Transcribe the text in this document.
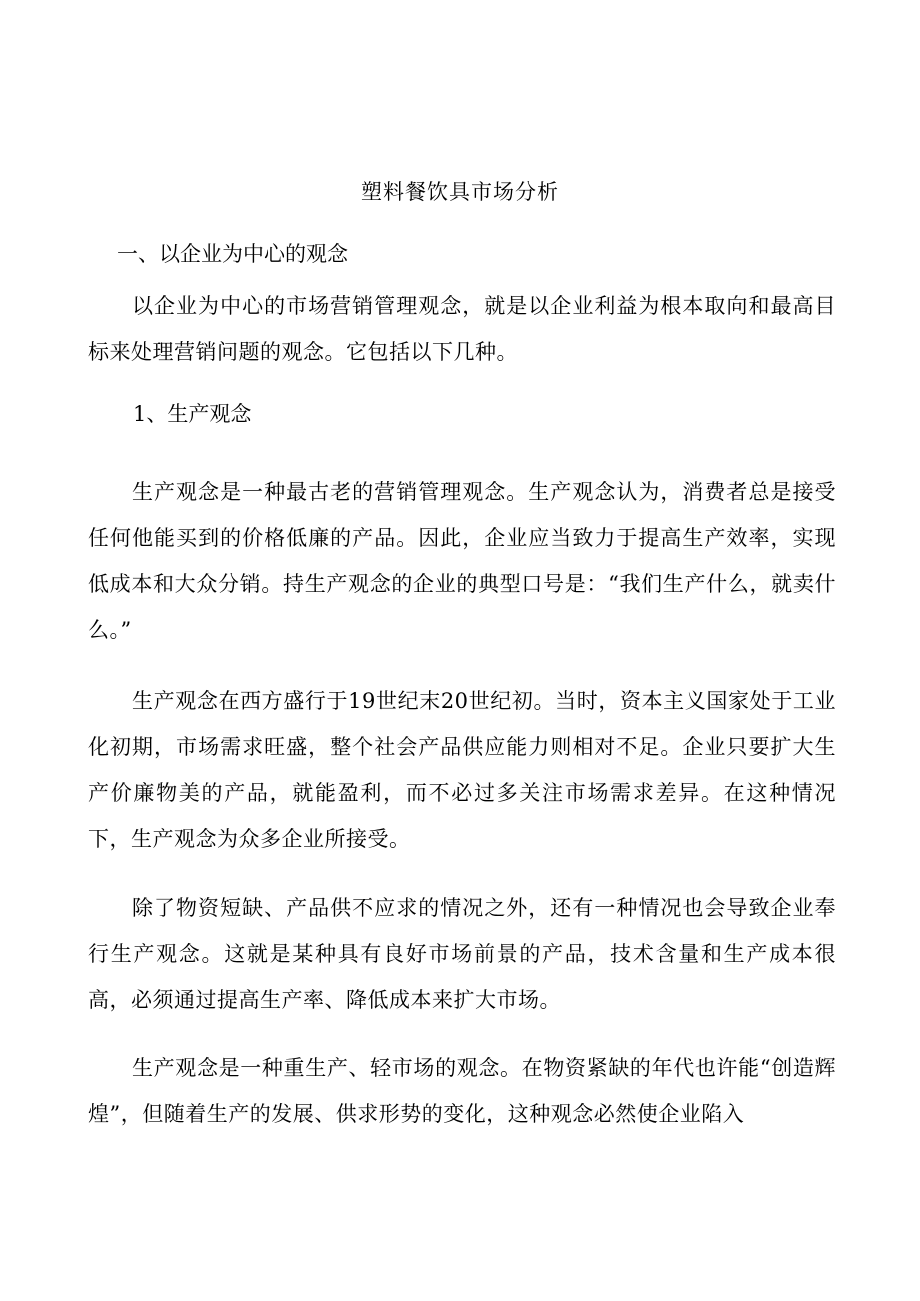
塑料餐饮具市场分析
一、以企业为中心的观念

以企业为中心的市场营销管理观念，就是以企业利益为根本取向和最高目标来处理营销问题的观念。它包括以下几种。

1、生产观念

生产观念是一种最古老的营销管理观念。生产观念认为，消费者总是接受任何他能买到的价格低廉的产品。因此，企业应当致力于提高生产效率，实现低成本和大众分销。持生产观念的企业的典型口号是：“我们生产什么，就卖什么。”

生产观念在西方盛行于19世纪末20世纪初。当时，资本主义国家处于工业化初期，市场需求旺盛，整个社会产品供应能力则相对不足。企业只要扩大生产价廉物美的产品，就能盈利，而不必过多关注市场需求差异。在这种情况下，生产观念为众多企业所接受。

除了物资短缺、产品供不应求的情况之外，还有一种情况也会导致企业奉行生产观念。这就是某种具有良好市场前景的产品，技术含量和生产成本很高，必须通过提高生产率、降低成本来扩大市场。

生产观念是一种重生产、轻市场的观念。在物资紧缺的年代也许能“创造辉煌”，但随着生产的发展、供求形势的变化，这种观念必然使企业陷入
